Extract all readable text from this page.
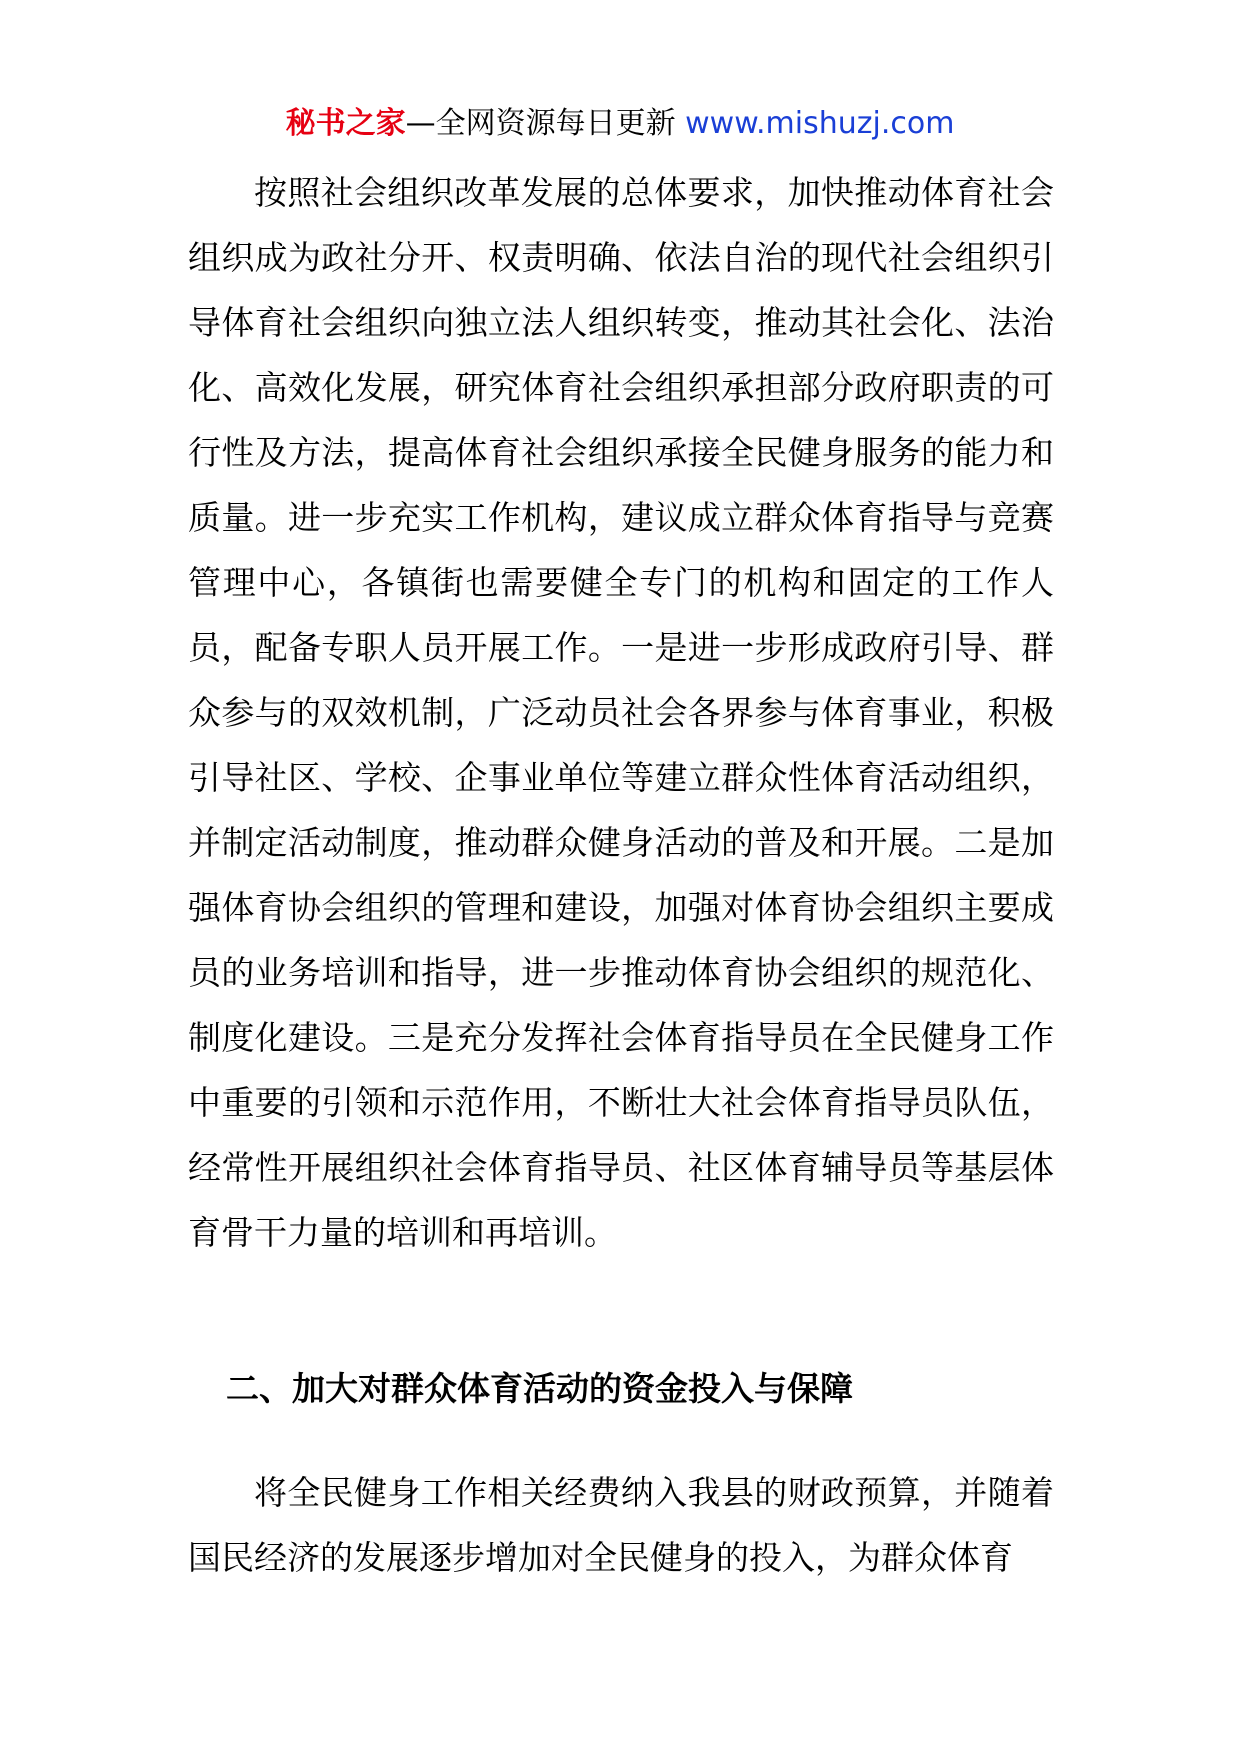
秘书之家—全网资源每日更新 www.mishuzj.com

按照社会组织改革发展的总体要求，加快推动体育社会组织成为政社分开、权责明确、依法自治的现代社会组织引导体育社会组织向独立法人组织转变，推动其社会化、法治化、高效化发展，研究体育社会组织承担部分政府职责的可行性及方法，提高体育社会组织承接全民健身服务的能力和质量。进一步充实工作机构，建议成立群众体育指导与竞赛管理中心，各镇街也需要健全专门的机构和固定的工作人员，配备专职人员开展工作。一是进一步形成政府引导、群众参与的双效机制，广泛动员社会各界参与体育事业，积极引导社区、学校、企事业单位等建立群众性体育活动组织，并制定活动制度，推动群众健身活动的普及和开展。二是加强体育协会组织的管理和建设，加强对体育协会组织主要成员的业务培训和指导，进一步推动体育协会组织的规范化、制度化建设。三是充分发挥社会体育指导员在全民健身工作中重要的引领和示范作用，不断壮大社会体育指导员队伍，经常性开展组织社会体育指导员、社区体育辅导员等基层体育骨干力量的培训和再培训。

二、加大对群众体育活动的资金投入与保障

将全民健身工作相关经费纳入我县的财政预算，并随着国民经济的发展逐步增加对全民健身的投入，为群众体育
